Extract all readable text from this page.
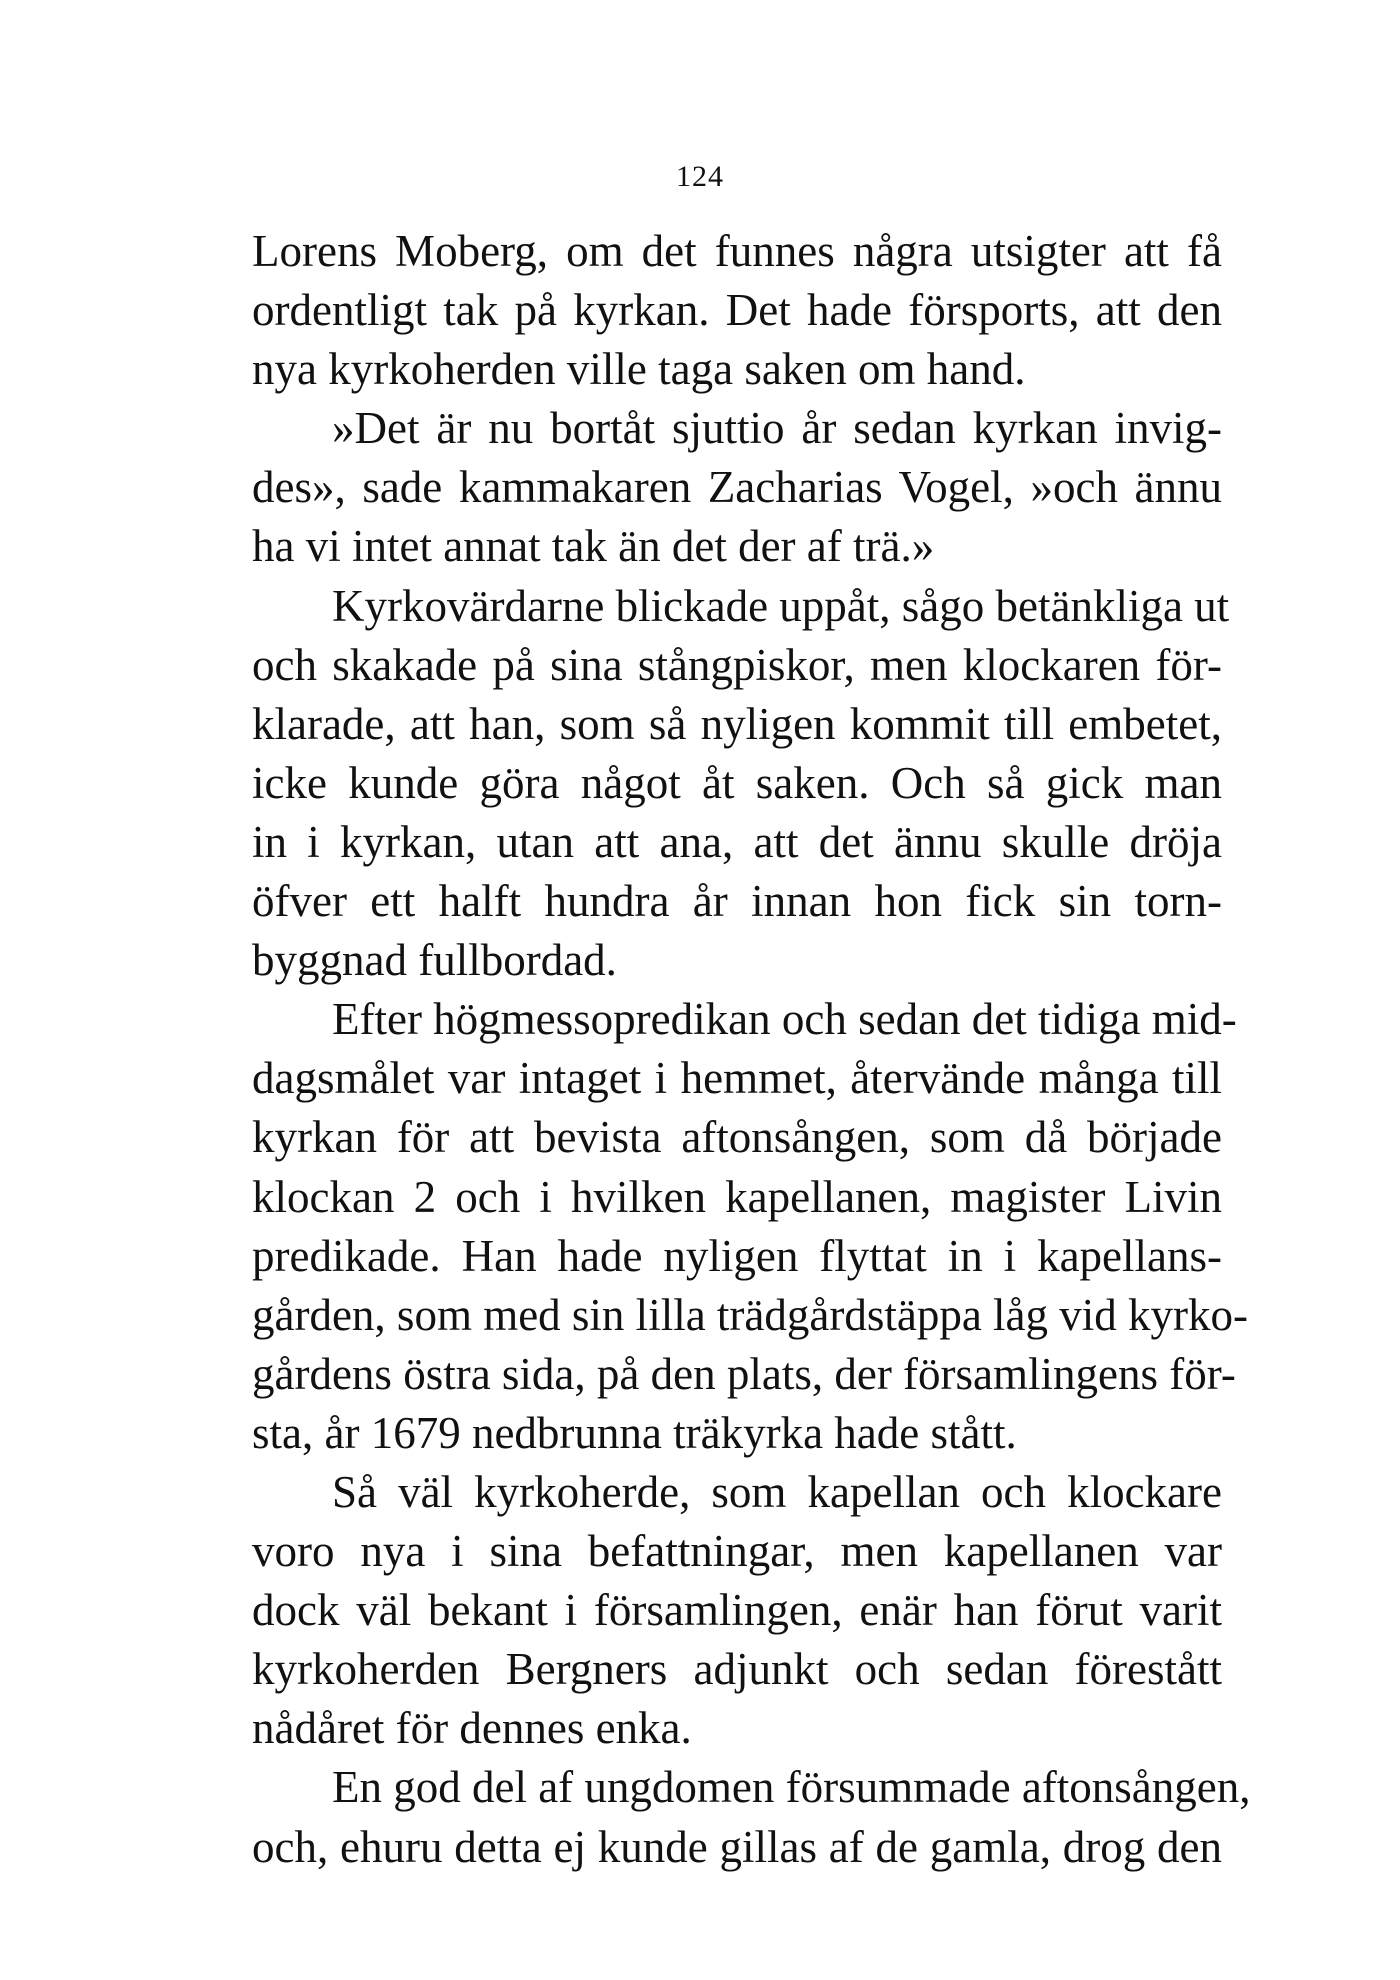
124
Lorens Moberg, om det funnes några utsigter att få
ordentligt tak på kyrkan. Det hade försports, att den
nya kyrkoherden ville taga saken om hand.
»Det är nu bortåt sjuttio år sedan kyrkan invig-
des», sade kammakaren Zacharias Vogel, »och ännu
ha vi intet annat tak än det der af trä.»
Kyrkovärdarne blickade uppåt, sågo betänkliga ut
och skakade på sina stångpiskor, men klockaren för-
klarade, att han, som så nyligen kommit till embetet,
icke kunde göra något åt saken. Och så gick man
in i kyrkan, utan att ana, att det ännu skulle dröja
öfver ett halft hundra år innan hon fick sin torn-
byggnad fullbordad.
Efter högmessopredikan och sedan det tidiga mid-
dagsmålet var intaget i hemmet, återvände många till
kyrkan för att bevista aftonsången, som då började
klockan 2 och i hvilken kapellanen, magister Livin
predikade. Han hade nyligen flyttat in i kapellans-
gården, som med sin lilla trädgårdstäppa låg vid kyrko-
gårdens östra sida, på den plats, der församlingens för-
sta, år 1679 nedbrunna träkyrka hade stått.
Så väl kyrkoherde, som kapellan och klockare
voro nya i sina befattningar, men kapellanen var
dock väl bekant i församlingen, enär han förut varit
kyrkoherden Bergners adjunkt och sedan förestått
nådåret för dennes enka.
En god del af ungdomen försummade aftonsången,
och, ehuru detta ej kunde gillas af de gamla, drog den
